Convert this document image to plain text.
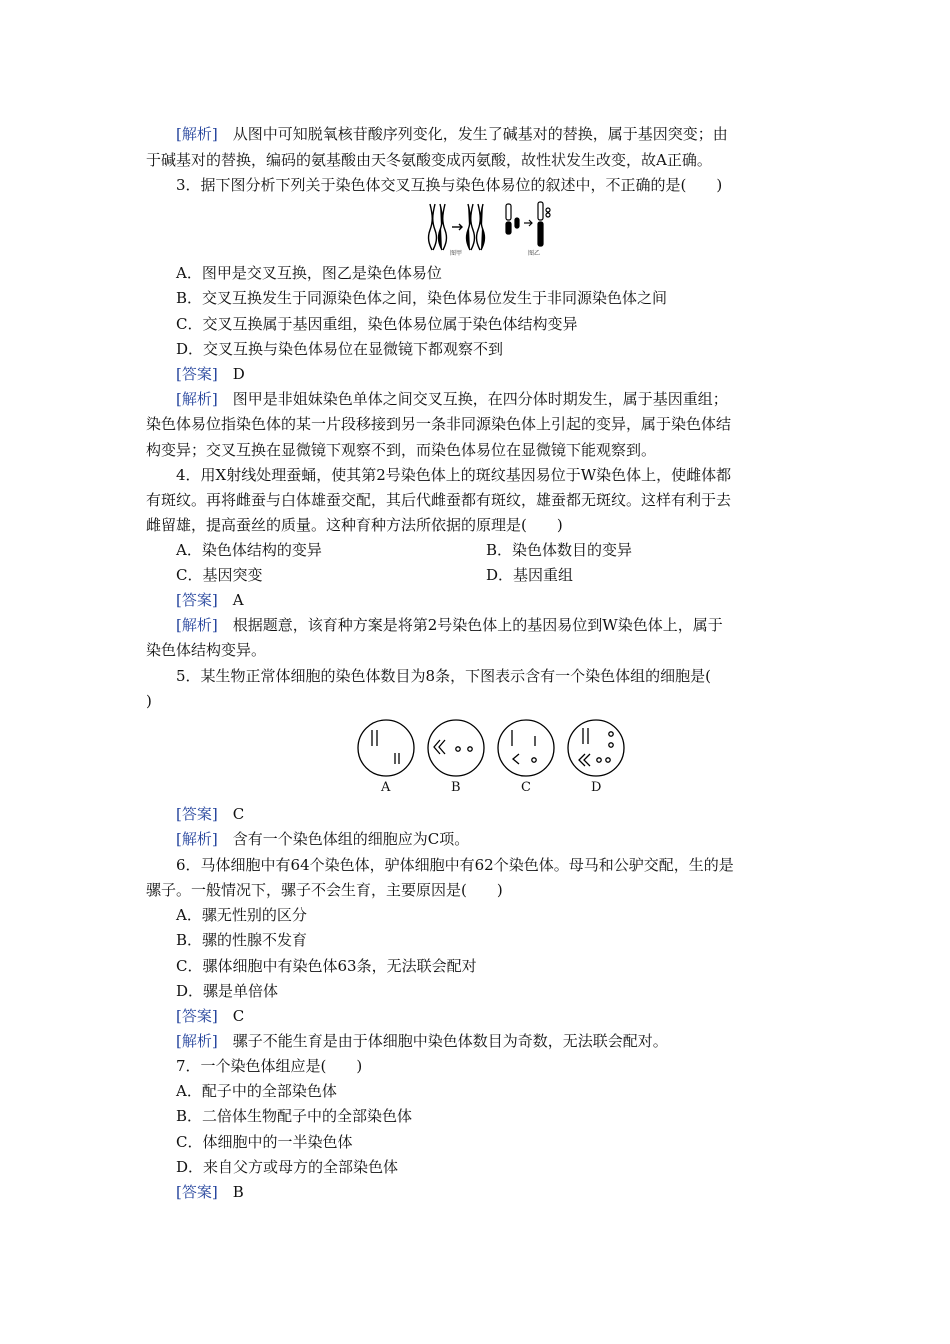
[解析]　 从图中可知脱氧核苷酸序列变化，发生了碱基对的替换，属于基因突变；由
于碱基对的替换，编码的氨基酸由天冬氨酸变成丙氨酸，故性状发生改变，故A正确。
3．据下图分析下列关于染色体交叉互换与染色体易位的叙述中，不正确的是(　　)
图甲	图乙
A．图甲是交叉互换，图乙是染色体易位
B．交叉互换发生于同源染色体之间，染色体易位发生于非同源染色体之间
C．交叉互换属于基因重组，染色体易位属于染色体结构变异
D．交叉互换与染色体易位在显微镜下都观察不到
[答案]　 D
[解析]　 图甲是非姐妹染色单体之间交叉互换，在四分体时期发生，属于基因重组；
染色体易位指染色体的某一片段移接到另一条非同源染色体上引起的变异，属于染色体结
构变异；交叉互换在显微镜下观察不到，而染色体易位在显微镜下能观察到。
4．用X射线处理蚕蛹，使其第2号染色体上的斑纹基因易位于W染色体上，使雌体都
有斑纹。再将雌蚕与白体雄蚕交配，其后代雌蚕都有斑纹，雄蚕都无斑纹。这样有利于去
雌留雄，提高蚕丝的质量。这种育种方法所依据的原理是(　　)
A．染色体结构的变异	B．染色体数目的变异
C．基因突变	D．基因重组
[答案]　 A
[解析]　 根据题意，该育种方案是将第2号染色体上的基因易位到W染色体上，属于
染色体结构变异。
5．某生物正常体细胞的染色体数目为8条，下图表示含有一个染色体组的细胞是(
)
A	B	C	D
[答案]　 C
[解析]　 含有一个染色体组的细胞应为C项。
6．马体细胞中有64个染色体，驴体细胞中有62个染色体。母马和公驴交配，生的是
骡子。一般情况下，骡子不会生育，主要原因是(　　)
A．骡无性别的区分
B．骡的性腺不发育
C．骡体细胞中有染色体63条，无法联会配对
D．骡是单倍体
[答案]　 C
[解析]　 骡子不能生育是由于体细胞中染色体数目为奇数，无法联会配对。
7．一个染色体组应是(　　)
A．配子中的全部染色体
B．二倍体生物配子中的全部染色体
C．体细胞中的一半染色体
D．来自父方或母方的全部染色体
[答案]　 B
